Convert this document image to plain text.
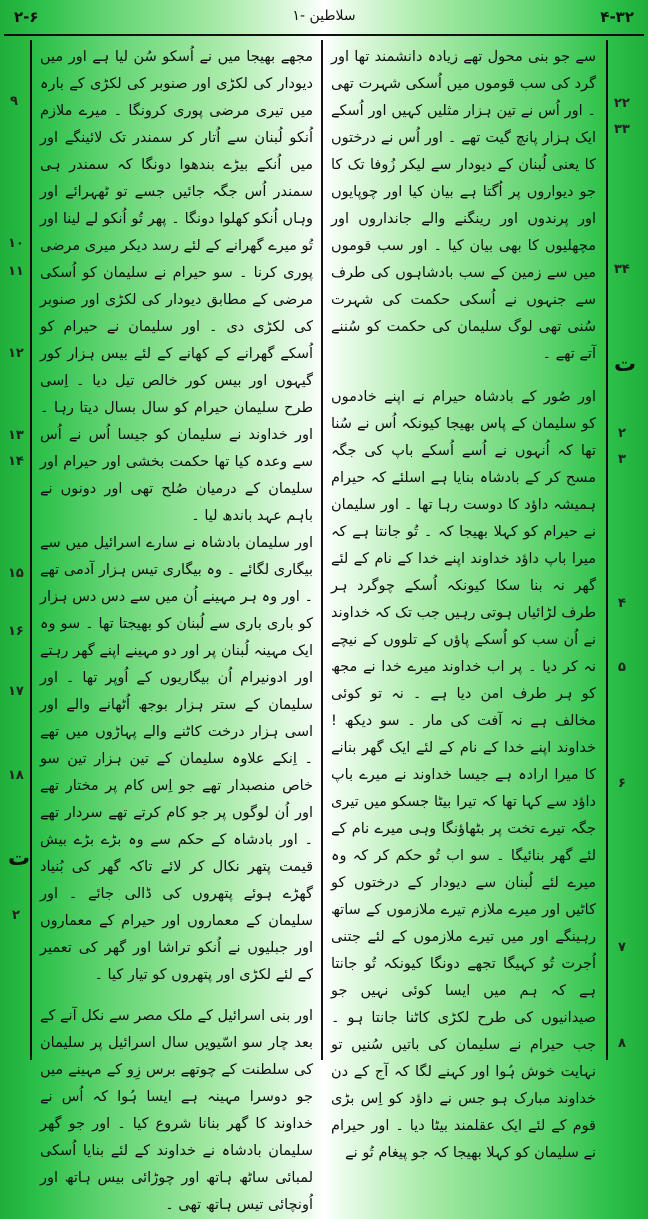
۲-۶	۱- سلاطین	۴-۳۲

سے جو بنی محول تھے زیادہ دانشمند تھا اور گرد کی سب قوموں میں اُسکی شہرت تھی ۔ اور اُس نے تین ہزار مثلیں کہیں اور اُسکے ایک ہزار پانچ گیت تھے ۔ اور اُس نے درختوں کا یعنی لُبنان کے دیودار سے لیکر زُوفا تک کا جو دیواروں پر اُگتا ہے بیان کیا اور چوپایوں اور پرندوں اور رینگنے والے جانداروں اور مچھلیوں کا بھی بیان کیا ۔ اور سب قوموں میں سے زمین کے سب بادشاہوں کی طرف سے جنہوں نے اُسکی حکمت کی شہرت سُنی تھی لوگ سلیمان کی حکمت کو سُننے آتے تھے ۔

اور صُور کے بادشاہ حیرام نے اپنے خادموں کو سلیمان کے پاس بھیجا کیونکہ اُس نے سُنا تھا کہ اُنہوں نے اُسے اُسکے باپ کی جگہ مسح کر کے بادشاہ بنایا ہے اسلئے کہ حیرام ہمیشہ داؤد کا دوست رہا تھا ۔ اور سلیمان نے حیرام کو کہلا بھیجا کہ ۔ تُو جانتا ہے کہ میرا باپ داؤد خداوند اپنے خدا کے نام کے لئے گھر نہ بنا سکا کیونکہ اُسکے چوگرد ہر طرف لڑائیاں ہوتی رہیں جب تک کہ خداوند نے اُن سب کو اُسکے پاؤں کے تلووں کے نیچے نہ کر دیا ۔ پر اب خداوند میرے خدا نے مجھ کو ہر طرف امن دیا ہے ۔ نہ تو کوئی مخالف ہے نہ آفت کی مار ۔ سو دیکھ ! خداوند اپنے خدا کے نام کے لئے ایک گھر بنانے کا میرا ارادہ ہے جیسا خداوند نے میرے باپ داؤد سے کہا تھا کہ تیرا بیٹا جسکو میں تیری جگہ تیرے تخت پر بٹھاؤنگا وہی میرے نام کے لئے گھر بنائیگا ۔ سو اب تُو حکم کر کہ وہ میرے لئے لُبنان سے دیودار کے درختوں کو کاٹیں اور میرے ملازم تیرے ملازموں کے ساتھ رہینگے اور میں تیرے ملازموں کے لئے جتنی اُجرت تُو کہیگا تجھے دونگا کیونکہ تُو جانتا ہے کہ ہم میں ایسا کوئی نہیں جو صیدانیوں کی طرح لکڑی کاٹنا جانتا ہو ۔ جب حیرام نے سلیمان کی باتیں سُنیں تو نہایت خوش ہُوا اور کہنے لگا کہ آج کے دن خداوند مبارک ہو جس نے داؤد کو اِس بڑی قوم کے لئے ایک عقلمند بیٹا دیا ۔ اور حیرام نے سلیمان کو کہلا بھیجا کہ جو پیغام تُو نے

مجھے بھیجا میں نے اُسکو سُن لیا ہے اور میں دیودار کی لکڑی اور صنوبر کی لکڑی کے بارہ میں تیری مرضی پوری کرونگا ۔ میرے ملازم اُنکو لُبنان سے اُتار کر سمندر تک لائینگے اور میں اُنکے بیڑے بندھوا دونگا کہ سمندر ہی سمندر اُس جگہ جائیں جسے تو ٹھہرائے اور وہاں اُنکو کھلوا دونگا ۔ پھر تُو اُنکو لے لینا اور تُو میرے گھرانے کے لئے رسد دیکر میری مرضی پوری کرنا ۔ سو حیرام نے سلیمان کو اُسکی مرضی کے مطابق دیودار کی لکڑی اور صنوبر کی لکڑی دی ۔ اور سلیمان نے حیرام کو اُسکے گھرانے کے کھانے کے لئے بیس ہزار کور گیہوں اور بیس کور خالص تیل دیا ۔ اِسی طرح سلیمان حیرام کو سال بسال دیتا رہا ۔ اور خداوند نے سلیمان کو جیسا اُس نے اُس سے وعدہ کیا تھا حکمت بخشی اور حیرام اور سلیمان کے درمیان صُلح تھی اور دونوں نے باہم عہد باندھ لیا ۔

اور سلیمان بادشاہ نے سارے اسرائیل میں سے بیگاری لگائے ۔ وہ بیگاری تیس ہزار آدمی تھے ۔ اور وہ ہر مہینے اُن میں سے دس دس ہزار کو باری باری سے لُبنان کو بھیجتا تھا ۔ سو وہ ایک مہینہ لُبنان پر اور دو مہینے اپنے گھر رہتے اور ادونیرام اُن بیگاریوں کے اُوپر تھا ۔ اور سلیمان کے ستر ہزار بوجھ اُٹھانے والے اور اسی ہزار درخت کاٹنے والے پہاڑوں میں تھے ۔ اِنکے علاوہ سلیمان کے تین ہزار تین سو خاص منصبدار تھے جو اِس کام پر مختار تھے اور اُن لوگوں پر جو کام کرتے تھے سردار تھے ۔ اور بادشاہ کے حکم سے وہ بڑے بڑے بیش قیمت پتھر نکال کر لائے تاکہ گھر کی بُنیاد گھڑے ہوئے پتھروں کی ڈالی جائے ۔ اور سلیمان کے معماروں اور حیرام کے معماروں اور جبلیوں نے اُنکو تراشا اور گھر کی تعمیر کے لئے لکڑی اور پتھروں کو تیار کیا ۔

اور بنی اسرائیل کے ملک مصر سے نکل آنے کے بعد چار سو اسّیویں سال اسرائیل پر سلیمان کی سلطنت کے چوتھے برس زِو کے مہینے میں جو دوسرا مہینہ ہے ایسا ہُوا کہ اُس نے خداوند کا گھر بنانا شروع کیا ۔ اور جو گھر سلیمان بادشاہ نے خداوند کے لئے بنایا اُسکی لمبائی ساٹھ ہاتھ اور چوڑائی بیس ہاتھ اور اُونچائی تیس ہاتھ تھی ۔

۲۲
۳۳
۳۴
۲
۳
۴
۵
۶
۷
۸
ت
۹
۱۰
۱۱
۱۲
۱۳
۱۴
۱۵
۱۶
۱۷
۱۸
۲
ت
